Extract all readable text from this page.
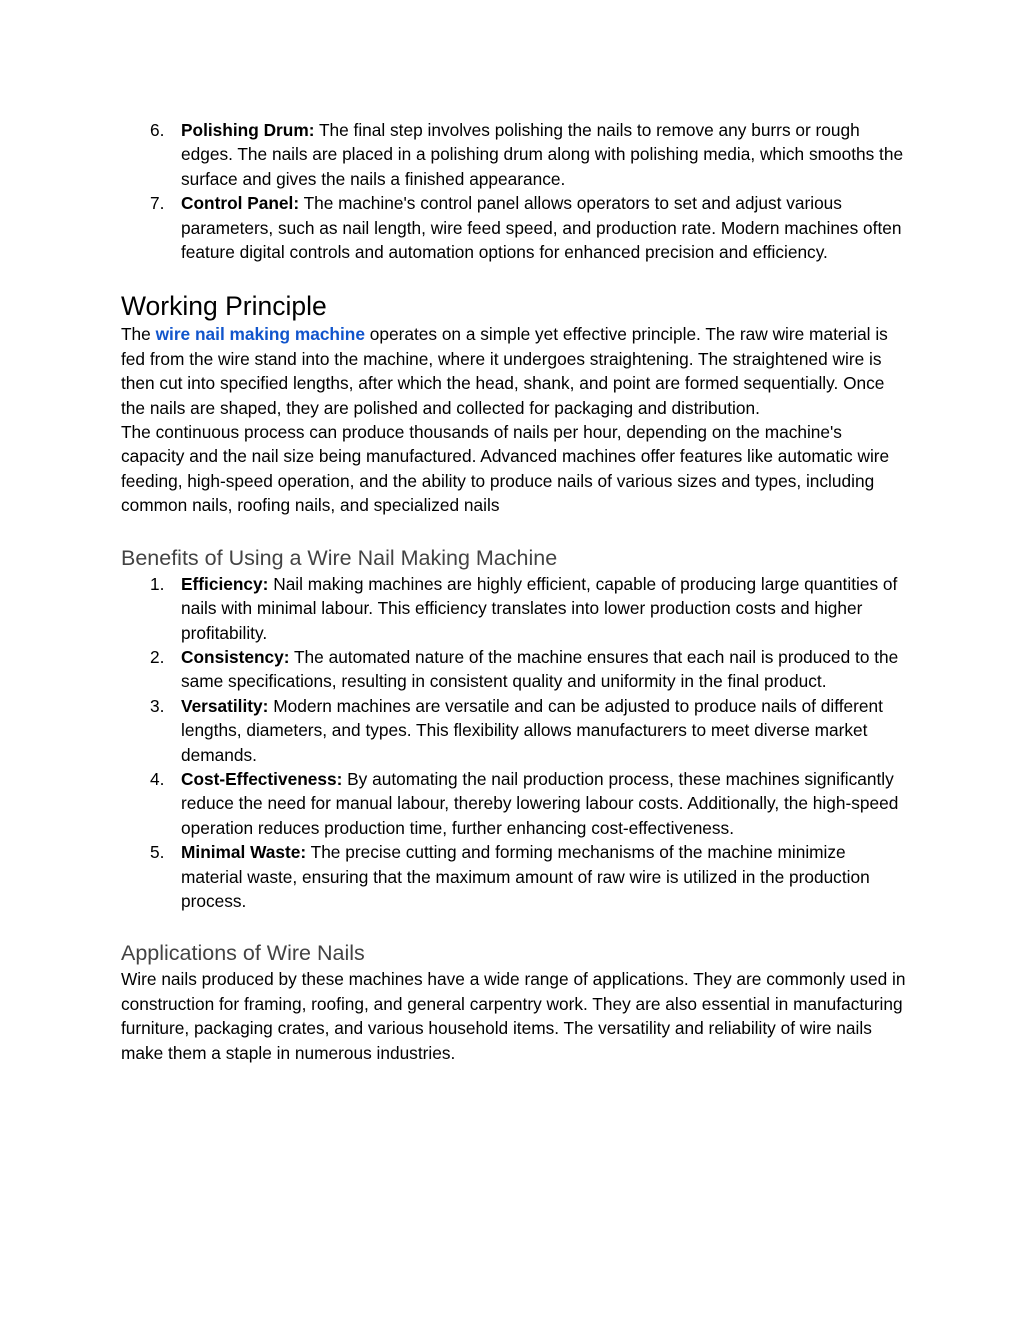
6. Polishing Drum: The final step involves polishing the nails to remove any burrs or rough edges. The nails are placed in a polishing drum along with polishing media, which smooths the surface and gives the nails a finished appearance.
7. Control Panel: The machine's control panel allows operators to set and adjust various parameters, such as nail length, wire feed speed, and production rate. Modern machines often feature digital controls and automation options for enhanced precision and efficiency.
Working Principle

The wire nail making machine operates on a simple yet effective principle. The raw wire material is fed from the wire stand into the machine, where it undergoes straightening. The straightened wire is then cut into specified lengths, after which the head, shank, and point are formed sequentially. Once the nails are shaped, they are polished and collected for packaging and distribution.

The continuous process can produce thousands of nails per hour, depending on the machine's capacity and the nail size being manufactured. Advanced machines offer features like automatic wire feeding, high-speed operation, and the ability to produce nails of various sizes and types, including common nails, roofing nails, and specialized nails

Benefits of Using a Wire Nail Making Machine
1. Efficiency: Nail making machines are highly efficient, capable of producing large quantities of nails with minimal labour. This efficiency translates into lower production costs and higher profitability.
2. Consistency: The automated nature of the machine ensures that each nail is produced to the same specifications, resulting in consistent quality and uniformity in the final product.
3. Versatility: Modern machines are versatile and can be adjusted to produce nails of different lengths, diameters, and types. This flexibility allows manufacturers to meet diverse market demands.
4. Cost-Effectiveness: By automating the nail production process, these machines significantly reduce the need for manual labour, thereby lowering labour costs. Additionally, the high-speed operation reduces production time, further enhancing cost-effectiveness.
5. Minimal Waste: The precise cutting and forming mechanisms of the machine minimize material waste, ensuring that the maximum amount of raw wire is utilized in the production process.
Applications of Wire Nails

Wire nails produced by these machines have a wide range of applications. They are commonly used in construction for framing, roofing, and general carpentry work. They are also essential in manufacturing furniture, packaging crates, and various household items. The versatility and reliability of wire nails make them a staple in numerous industries.
